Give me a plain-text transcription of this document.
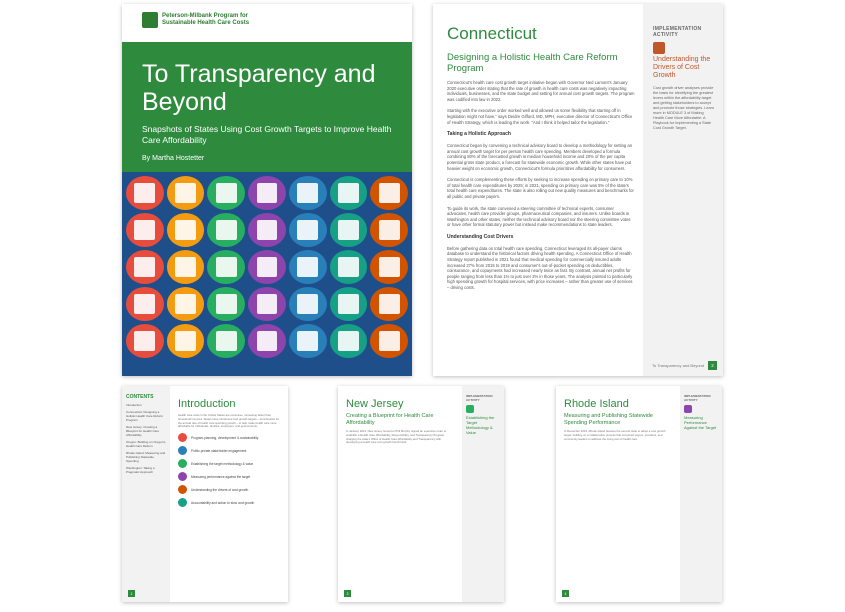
Peterson-Milbank Program for Sustainable Health Care Costs
To Transparency and Beyond
Snapshots of States Using Cost Growth Targets to Improve Health Care Affordability
By Martha Hostetter
Connecticut
Designing a Holistic Health Care Reform Program

Connecticut's health care cost growth target initiative began with Governor Ned Lamont's January 2020 executive order stating that the rate of growth in health care costs was negatively impacting individuals, businesses, and the state budget and setting for annual cost growth targets. The program was codified into law in 2022.

Starting with the executive order worked well and allowed us some flexibility that starting off in legislation might not have," says Deidre Gifford, MD, MPH, executive director of Connecticut's Office of Health Strategy, which is leading the work. "And I think it helped tailor the legislation."

Taking a Holistic Approach

Connecticut began by convening a technical advisory board to develop a methodology for setting an annual cost growth target for per person health care spending. Members developed a formula combining 80% of the forecasted growth in median household income and 20% of the per capita potential gross state product, a forecast for statewide economic growth. While other states have put heavier weight on economic growth, Connecticut's formula prioritizes affordability for consumers.

Connecticut is complementing these efforts by seeking to increase spending on primary care to 10% of total health care expenditures by 2025; in 2021, spending on primary care was 5% of the state's total health care expenditures. The state is also rolling out new quality measures and benchmarks for all public and private payers.

To guide its work, the state convened a steering committee of technical experts, consumer advocates, health care provider groups, pharmaceutical companies, and insurers. Unlike boards in Washington and other states, neither the technical advisory board nor the steering committee votes or have other formal statutory power but instead make recommendations to state leaders.

Understanding Cost Drivers

Before gathering data on total health care spending, Connecticut leveraged its all-payer claims database to understand the historical factors driving health spending. A Connecticut Office of Health Strategy report published in 2021 found that medical spending for commercially insured adults increased 27% from 2015 to 2019 and consumer's out-of-pocket spending on deductibles, coinsurance, and copayments had increased nearly twice as fast. By contrast, annual net profits for people ranging from less than 1% to just over 2% in those years. The analysis pointed to particularly high spending growth for hospital services, with price increases – rather than greater use of services – driving costs.

IMPLEMENTATION ACTIVITY
Understanding the Drivers of Cost Growth
Cost growth driver analyses provide the basis for identifying the greatest levers within the affordability target and getting stakeholders to accept and promote those strategies. Learn more in MODULE 3 of Making Health Care More Affordable: A Playbook for Implementing a State Cost Growth Target.
To Transparency and Beyond	2
CONTENTS
Introduction
Connecticut: Designing a Holistic Health Care Reform Program
New Jersey: Creating a Blueprint for Health Care Affordability
Oregon: Building on Oregon's Health Care Reform
Rhode Island: Measuring and Publishing Statewide Spending
Washington: Taking a Pragmatic Approach
Introduction

Health care costs in the United States are excessive, increasing faster than household incomes. States have introduced cost growth targets – benchmarks for the annual rate of health care spending growth – to help make health care more affordable for individuals, families, employers, and governments.

Program planning, development & sustainability
Public-private stakeholder engagement
Establishing the target methodology & value
Measuring performance against the target
Understanding the drivers of cost growth
Accountability and action to slow cost growth
1
New Jersey
Creating a Blueprint for Health Care Affordability

In January 2021, New Jersey Governor Phil Murphy signed an executive order to establish a Health Care Affordability, Responsibility, and Transparency Program, charging the state's Office of Health Care Affordability and Transparency with developing a health care cost growth benchmark.

IMPLEMENTATION ACTIVITY
Establishing the Target Methodology & Value
3
Rhode Island
Measuring and Publishing Statewide Spending Performance

In December 2019, Rhode Island became the second state to adopt a cost growth target, building on a collaborative process that convened payers, providers, and community leaders to address the rising cost of health care.

IMPLEMENTATION ACTIVITY
Measuring Performance Against the Target
4
